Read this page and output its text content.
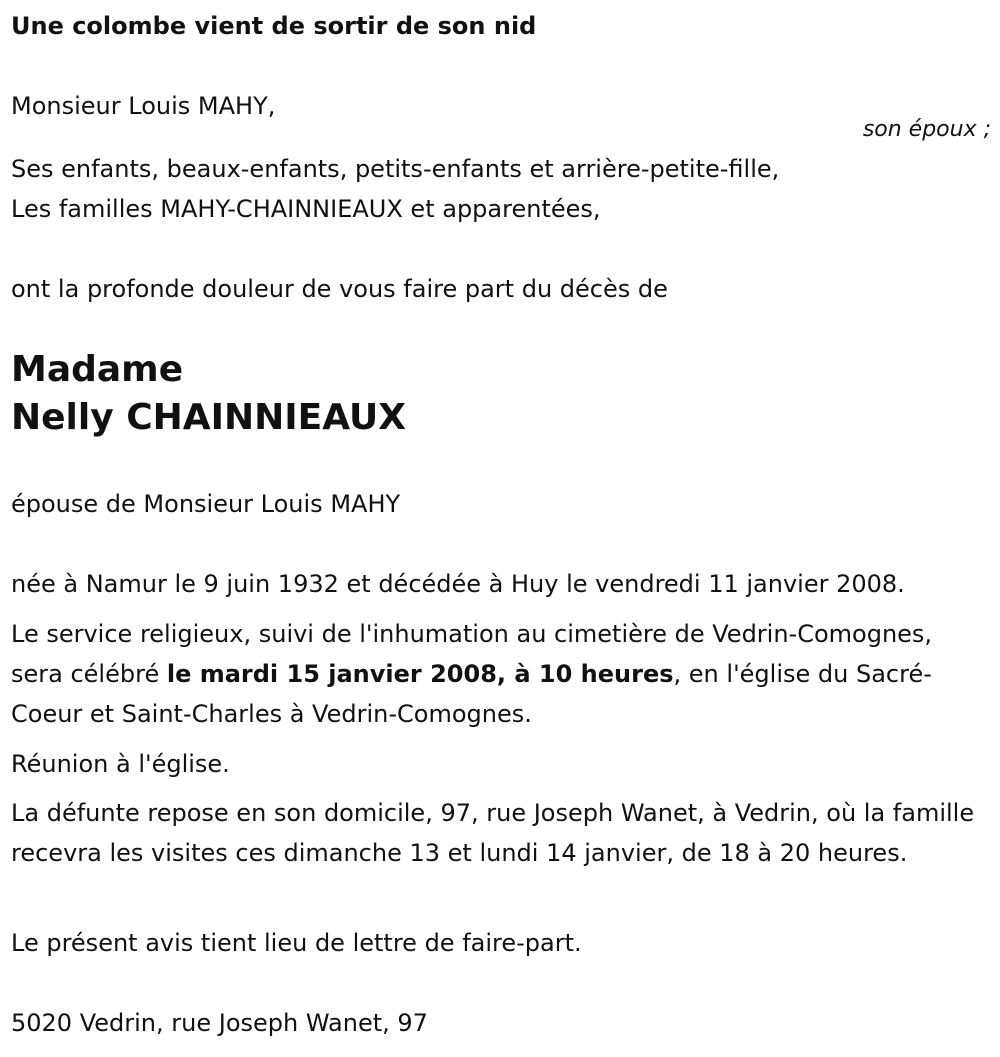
Une colombe vient de sortir de son nid

Monsieur Louis MAHY,

son époux ;

Ses enfants, beaux-enfants, petits-enfants et arrière-petite-fille,

Les familles MAHY-CHAINNIEAUX et apparentées,

ont la profonde douleur de vous faire part du décès de

Madame
Nelly CHAINNIEAUX

épouse de Monsieur Louis MAHY

née à Namur le 9 juin 1932 et décédée à Huy le vendredi 11 janvier 2008.

Le service religieux, suivi de l'inhumation au cimetière de Vedrin-Comognes, sera célébré le mardi 15 janvier 2008, à 10 heures, en l'église du Sacré-Coeur et Saint-Charles à Vedrin-Comognes.

Réunion à l'église.

La défunte repose en son domicile, 97, rue Joseph Wanet, à Vedrin, où la famille recevra les visites ces dimanche 13 et lundi 14 janvier, de 18 à 20 heures.

Le présent avis tient lieu de lettre de faire-part.

5020 Vedrin, rue Joseph Wanet, 97
